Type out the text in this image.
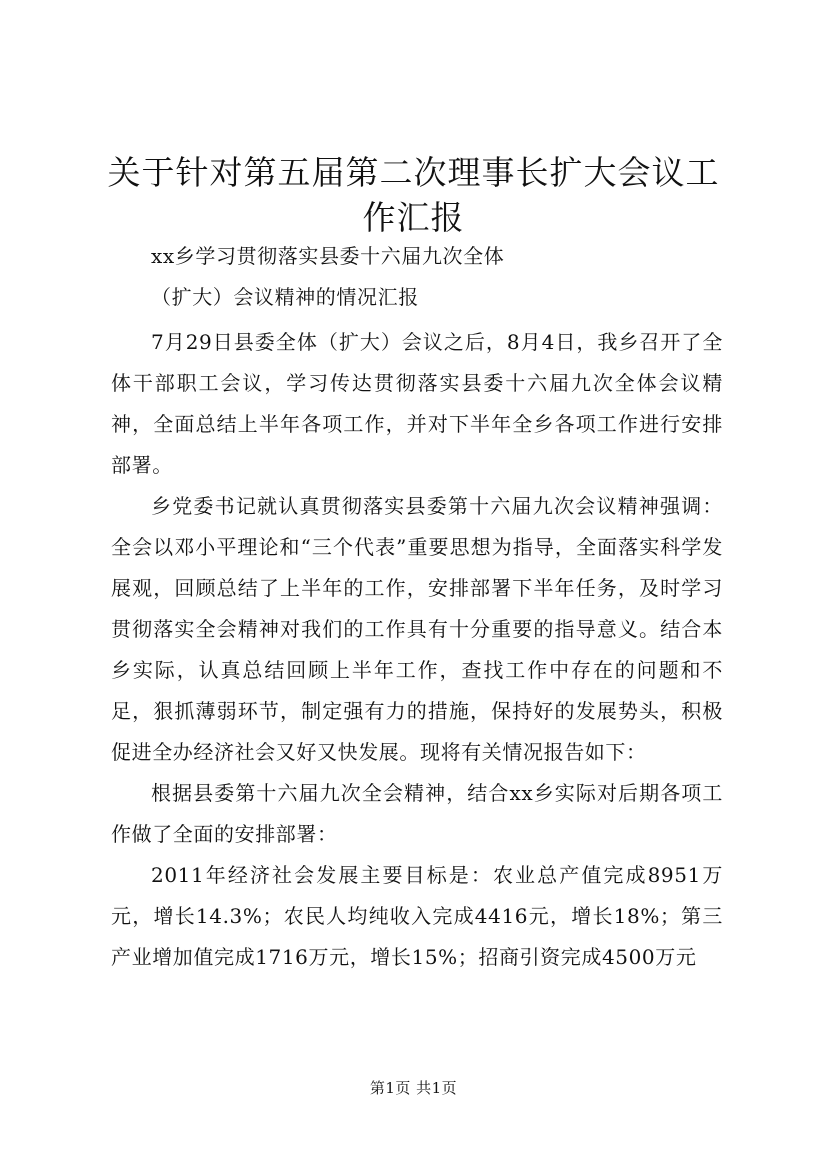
关于针对第五届第二次理事长扩大会议工作汇报

xx乡学习贯彻落实县委十六届九次全体

（扩大）会议精神的情况汇报

7月29日县委全体（扩大）会议之后，8月4日，我乡召开了全体干部职工会议，学习传达贯彻落实县委十六届九次全体会议精神，全面总结上半年各项工作，并对下半年全乡各项工作进行安排部署。

乡党委书记就认真贯彻落实县委第十六届九次会议精神强调：全会以邓小平理论和“三个代表”重要思想为指导，全面落实科学发展观，回顾总结了上半年的工作，安排部署下半年任务，及时学习贯彻落实全会精神对我们的工作具有十分重要的指导意义。结合本乡实际，认真总结回顾上半年工作，查找工作中存在的问题和不足，狠抓薄弱环节，制定强有力的措施，保持好的发展势头，积极促进全办经济社会又好又快发展。现将有关情况报告如下：

根据县委第十六届九次全会精神，结合xx乡实际对后期各项工作做了全面的安排部署：

2011年经济社会发展主要目标是：农业总产值完成8951万元，增长14.3%；农民人均纯收入完成4416元，增长18%；第三产业增加值完成1716万元，增长15%；招商引资完成4500万元

第1页 共1页
